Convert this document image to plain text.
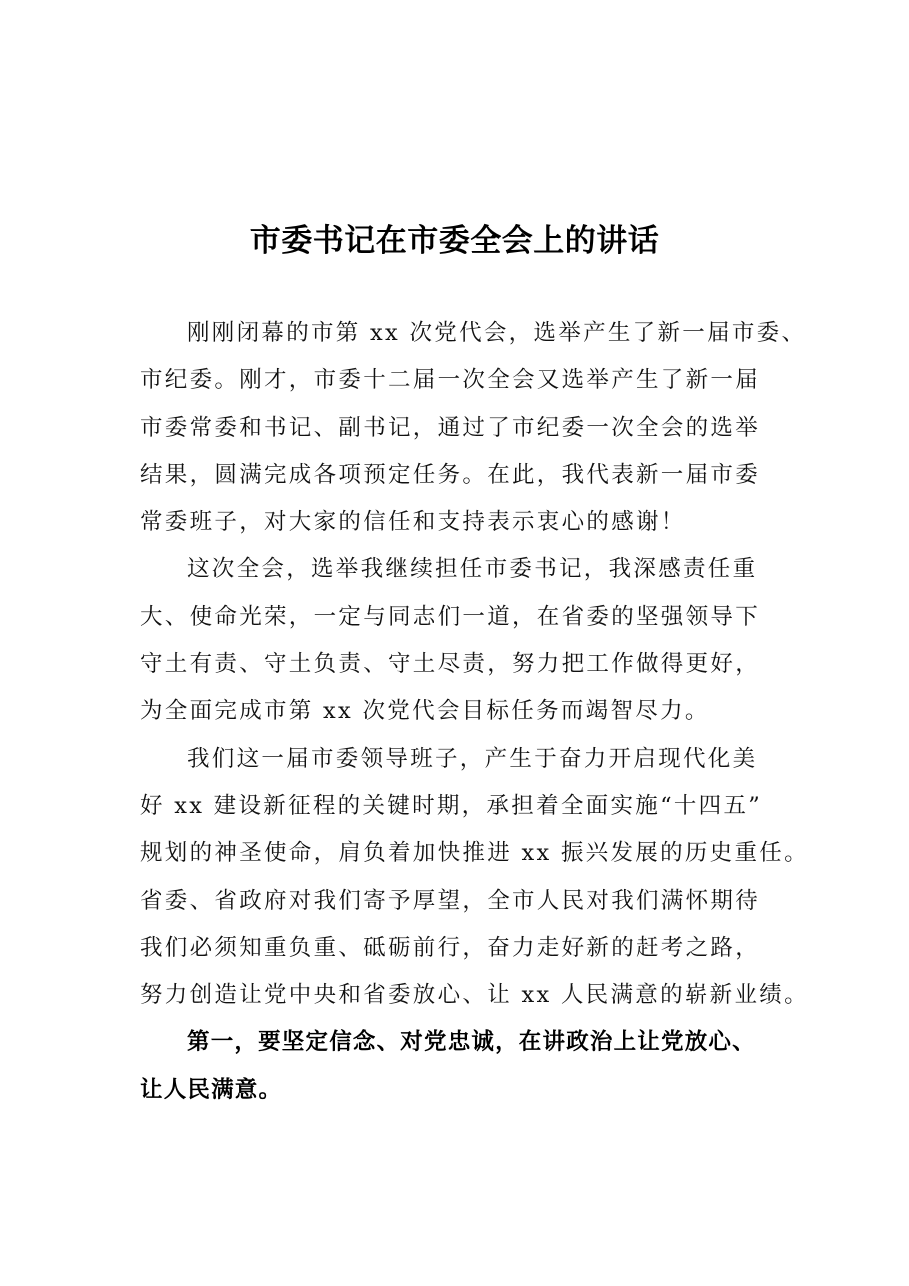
市委书记在市委全会上的讲话
刚刚闭幕的市第 xx 次党代会，选举产生了新一届市委、
市纪委。刚才，市委十二届一次全会又选举产生了新一届
市委常委和书记、副书记，通过了市纪委一次全会的选举
结果，圆满完成各项预定任务。在此，我代表新一届市委
常委班子，对大家的信任和支持表示衷心的感谢！
这次全会，选举我继续担任市委书记，我深感责任重
大、使命光荣，一定与同志们一道，在省委的坚强领导下
守土有责、守土负责、守土尽责，努力把工作做得更好，
为全面完成市第 xx 次党代会目标任务而竭智尽力。
我们这一届市委领导班子，产生于奋力开启现代化美
好 xx 建设新征程的关键时期，承担着全面实施“十四五”
规划的神圣使命，肩负着加快推进 xx 振兴发展的历史重任。
省委、省政府对我们寄予厚望，全市人民对我们满怀期待
我们必须知重负重、砥砺前行，奋力走好新的赶考之路，
努力创造让党中央和省委放心、让 xx 人民满意的崭新业绩。
第一，要坚定信念、对党忠诚，在讲政治上让党放心、
让人民满意。
